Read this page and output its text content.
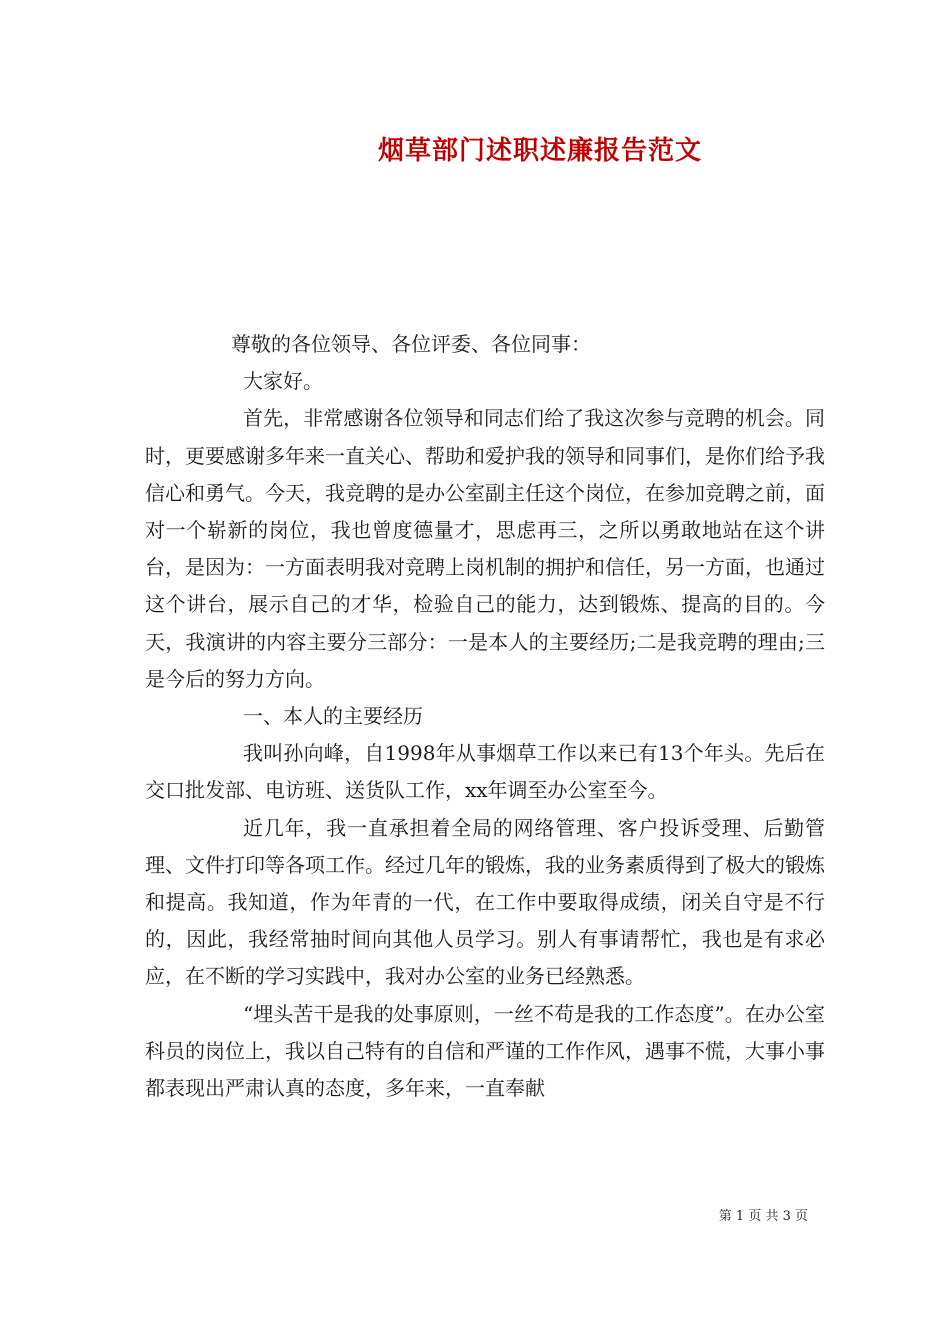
烟草部门述职述廉报告范文

尊敬的各位领导、各位评委、各位同事：

大家好。

首先，非常感谢各位领导和同志们给了我这次参与竞聘的机会。同时，更要感谢多年来一直关心、帮助和爱护我的领导和同事们，是你们给予我信心和勇气。今天，我竞聘的是办公室副主任这个岗位，在参加竞聘之前，面对一个崭新的岗位，我也曾度德量才，思虑再三，之所以勇敢地站在这个讲台，是因为：一方面表明我对竞聘上岗机制的拥护和信任，另一方面，也通过这个讲台，展示自己的才华，检验自己的能力，达到锻炼、提高的目的。今天，我演讲的内容主要分三部分：一是本人的主要经历;二是我竞聘的理由;三是今后的努力方向。

一、本人的主要经历

我叫孙向峰，自1998年从事烟草工作以来已有13个年头。先后在交口批发部、电访班、送货队工作，xx年调至办公室至今。

近几年，我一直承担着全局的网络管理、客户投诉受理、后勤管理、文件打印等各项工作。经过几年的锻炼，我的业务素质得到了极大的锻炼和提高。我知道，作为年青的一代，在工作中要取得成绩，闭关自守是不行的，因此，我经常抽时间向其他人员学习。别人有事请帮忙，我也是有求必应，在不断的学习实践中，我对办公室的业务已经熟悉。

“埋头苦干是我的处事原则，一丝不苟是我的工作态度”。在办公室科员的岗位上，我以自己特有的自信和严谨的工作作风，遇事不慌，大事小事都表现出严肃认真的态度，多年来，一直奉献

第 1 页 共 3 页
